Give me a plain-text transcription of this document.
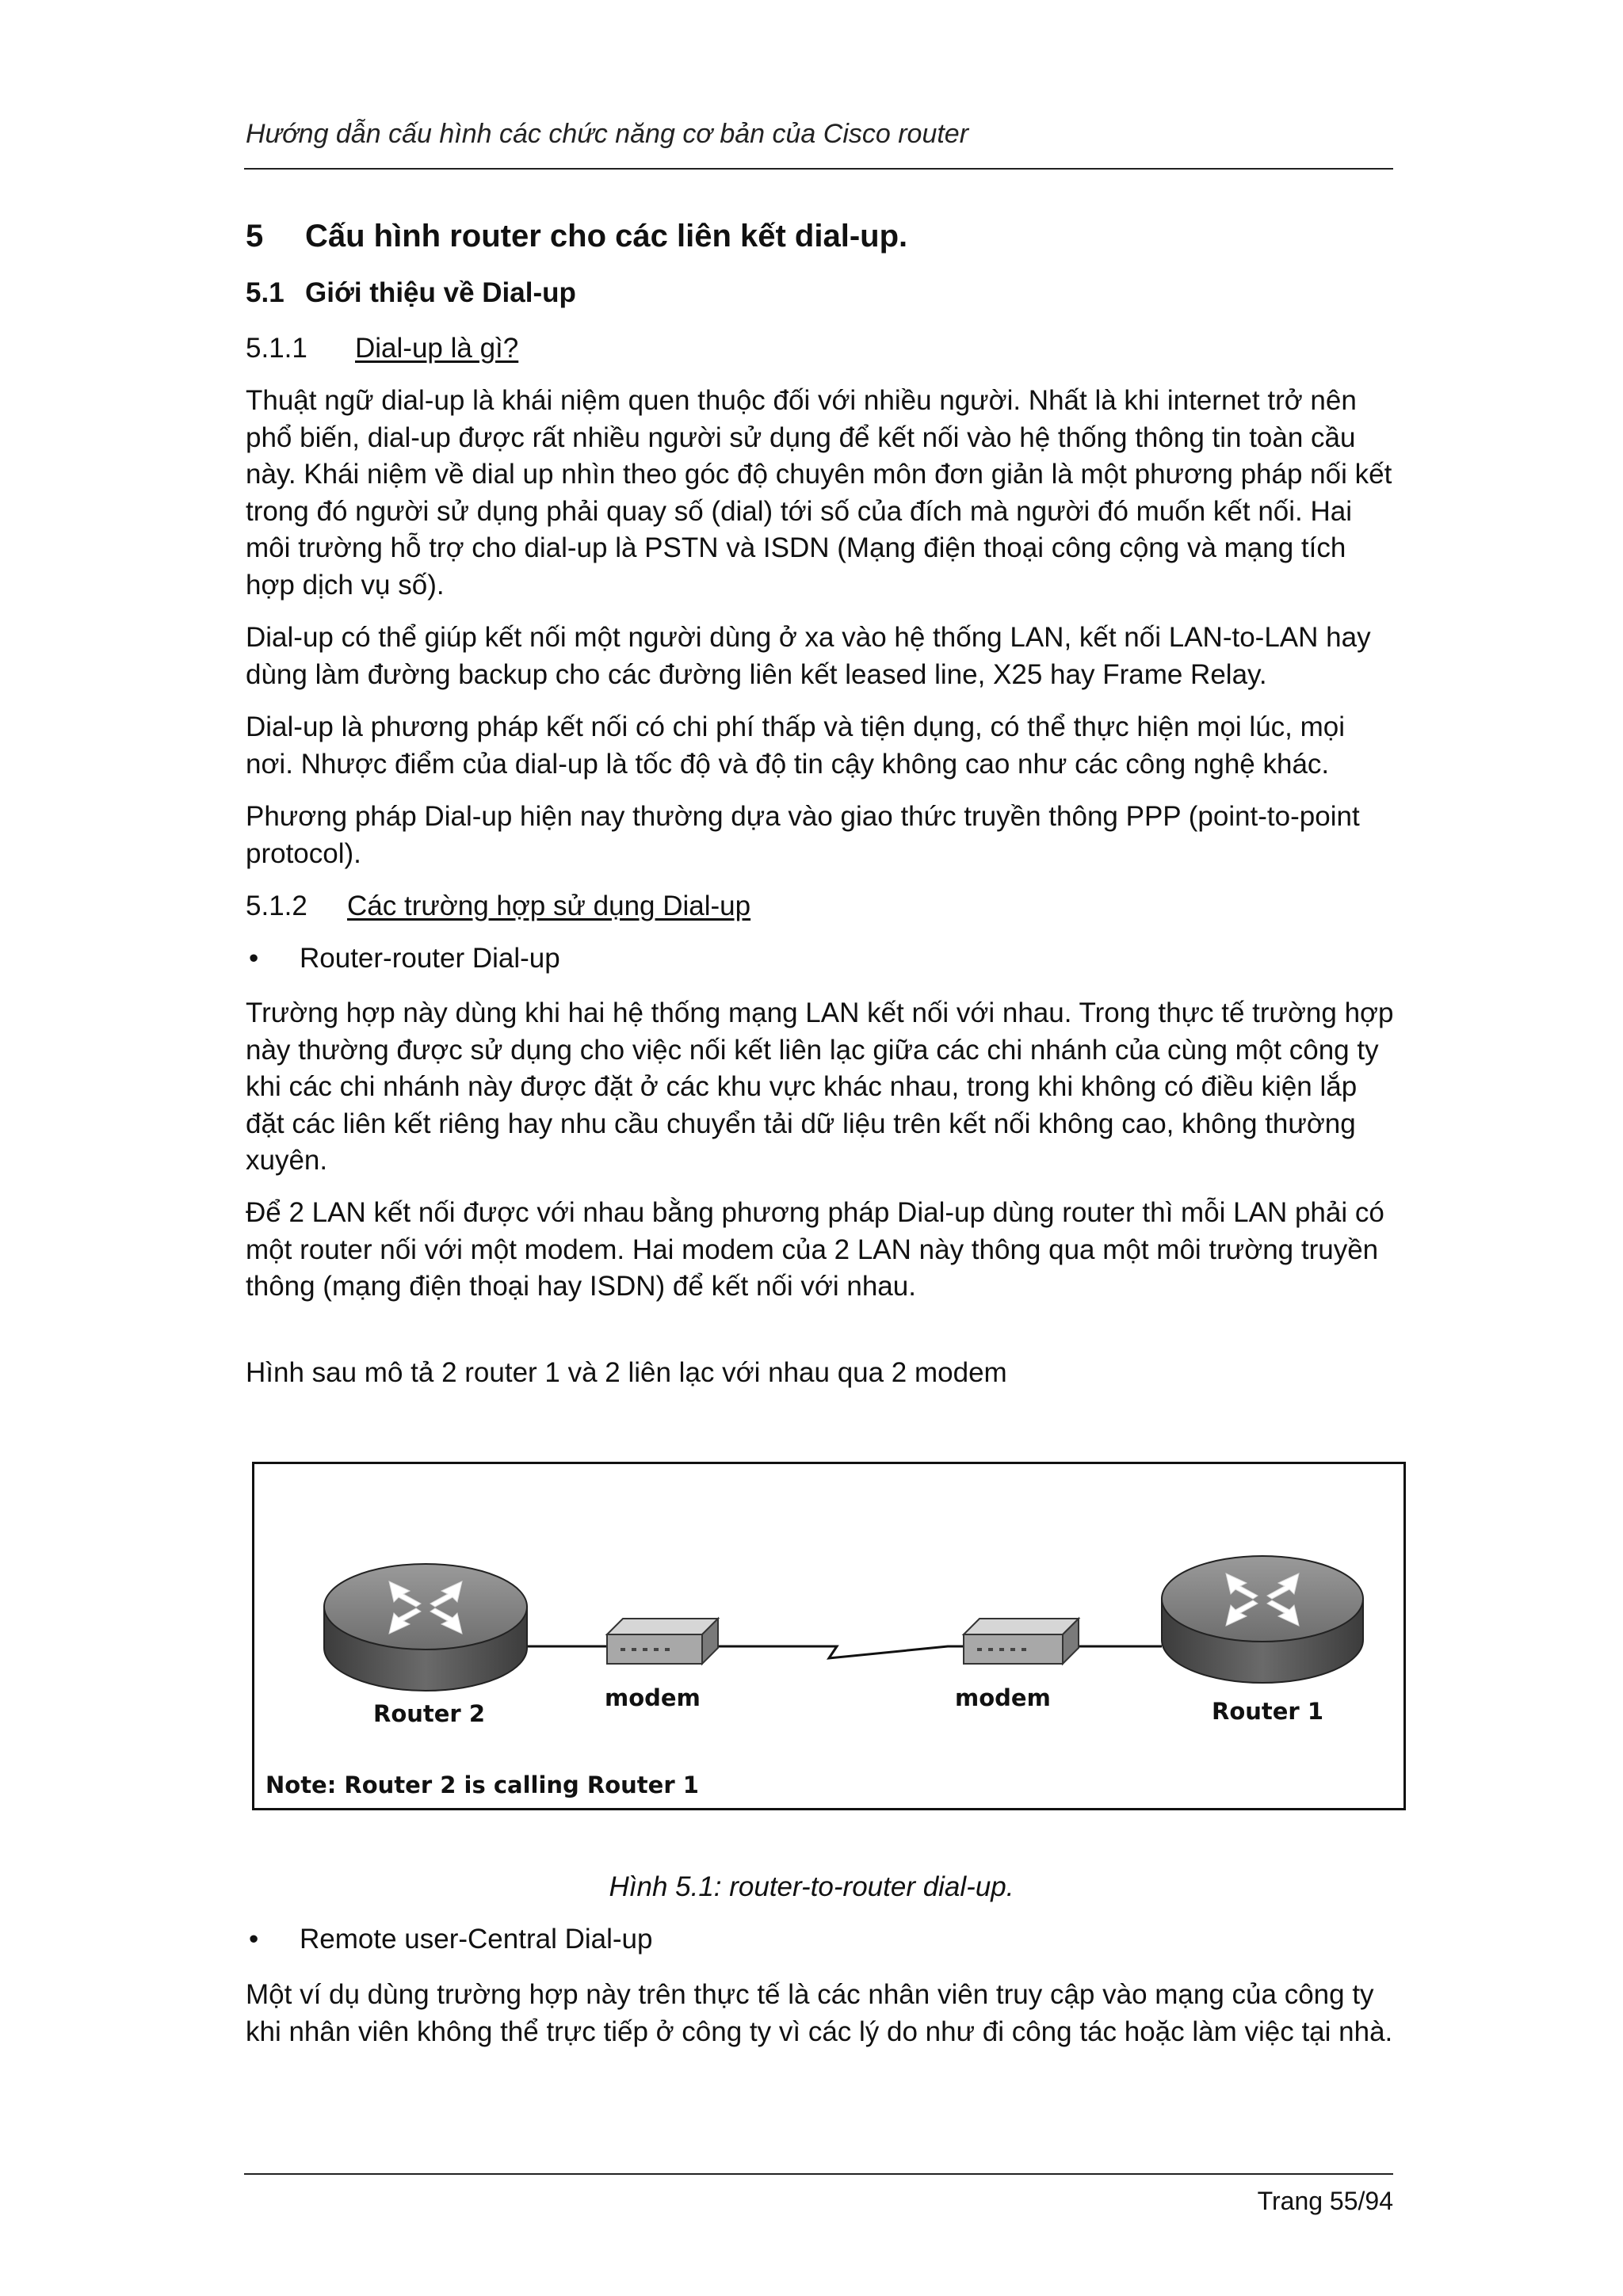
Hướng dẫn cấu hình các chức năng cơ bản của Cisco router
5 Cấu hình router cho các liên kết dial-up.
5.1 Giới thiệu về Dial-up
5.1.1 Dial-up là gì?

Thuật ngữ dial-up là khái niệm quen thuộc đối với nhiều người. Nhất là khi internet trở nên phổ biến, dial-up được rất nhiều người sử dụng để kết nối vào hệ thống thông tin toàn cầu này. Khái niệm về dial up nhìn theo góc độ chuyên môn đơn giản là một phương pháp nối kết trong đó người sử dụng phải quay số (dial) tới số của đích mà người đó muốn kết nối. Hai môi trường hỗ trợ cho dial-up là PSTN và ISDN (Mạng điện thoại công cộng và mạng tích hợp dịch vụ số).

Dial-up có thể giúp kết nối một người dùng ở xa vào hệ thống LAN, kết nối LAN-to-LAN hay dùng làm đường backup cho các đường liên kết leased line, X25 hay Frame Relay.

Dial-up là phương pháp kết nối có chi phí thấp và tiện dụng, có thể thực hiện mọi lúc, mọi nơi. Nhược điểm của dial-up là tốc độ và độ tin cậy không cao như các công nghệ khác.

Phương pháp Dial-up hiện nay thường dựa vào giao thức truyền thông PPP (point-to-point protocol).

5.1.2 Các trường hợp sử dụng Dial-up
• Router-router Dial-up

Trường hợp này dùng khi hai hệ thống mạng LAN kết nối với nhau. Trong thực tế trường hợp này thường được sử dụng cho việc nối kết liên lạc giữa các chi nhánh của cùng một công ty khi các chi nhánh này được đặt ở các khu vực khác nhau, trong khi không có điều kiện lắp đặt các liên kết riêng hay nhu cầu chuyển tải dữ liệu trên kết nối không cao, không thường xuyên.

Để 2 LAN kết nối được với nhau bằng phương pháp Dial-up dùng router thì mỗi LAN phải có một router nối với một modem. Hai modem của 2 LAN này thông qua một môi trường truyền thông (mạng điện thoại hay ISDN) để kết nối với nhau.

Hình sau mô tả 2 router 1 và 2 liên lạc với nhau qua 2 modem

Router 2
modem	modem	Router 1
Note: Router 2 is calling Router 1
Hình 5.1: router-to-router dial-up.
• Remote user-Central Dial-up

Một ví dụ dùng trường hợp này trên thực tế là các nhân viên truy cập vào mạng của công ty khi nhân viên không thể trực tiếp ở công ty vì các lý do như đi công tác hoặc làm việc tại nhà.

Trang 55/94
